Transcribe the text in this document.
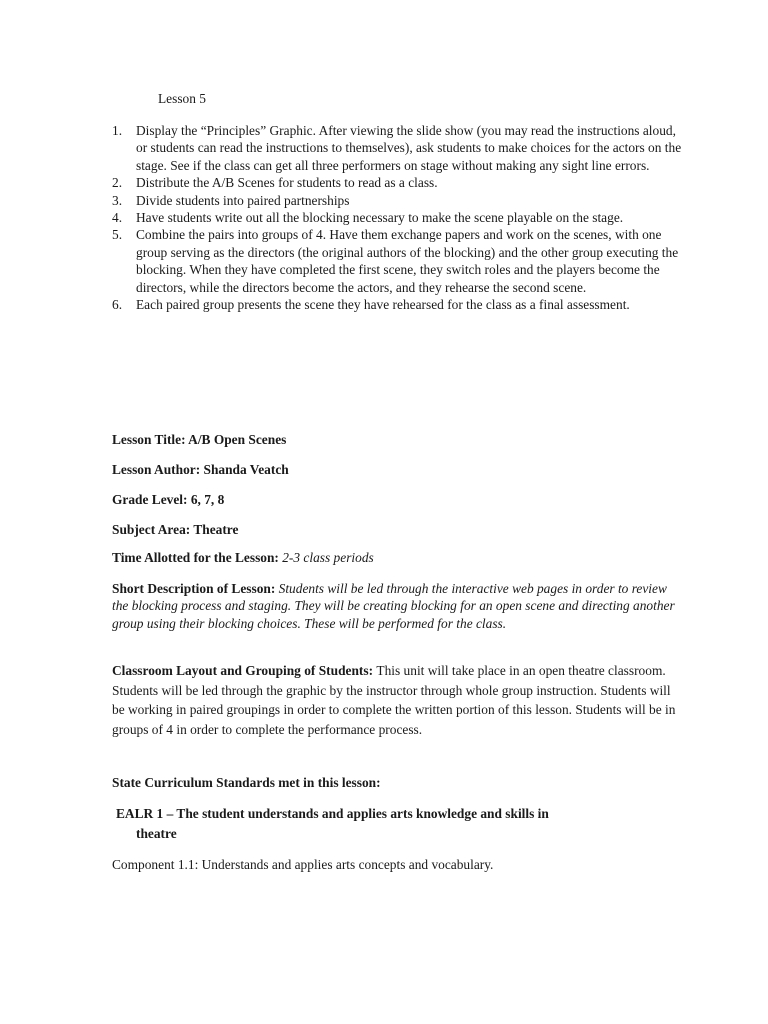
Lesson 5
1. Display the “Principles” Graphic. After viewing the slide show (you may read the instructions aloud, or students can read the instructions to themselves), ask students to make choices for the actors on the stage. See if the class can get all three performers on stage without making any sight line errors.
2. Distribute the A/B Scenes for students to read as a class.
3. Divide students into paired partnerships
4. Have students write out all the blocking necessary to make the scene playable on the stage.
5. Combine the pairs into groups of 4. Have them exchange papers and work on the scenes, with one group serving as the directors (the original authors of the blocking) and the other group executing the blocking. When they have completed the first scene, they switch roles and the players become the directors, while the directors become the actors, and they rehearse the second scene.
6. Each paired group presents the scene they have rehearsed for the class as a final assessment.
Lesson Title: A/B Open Scenes
Lesson Author: Shanda Veatch
Grade Level: 6, 7, 8
Subject Area: Theatre
Time Allotted for the Lesson: 2-3 class periods
Short Description of Lesson: Students will be led through the interactive web pages in order to review the blocking process and staging. They will be creating blocking for an open scene and directing another group using their blocking choices. These will be performed for the class.
Classroom Layout and Grouping of Students: This unit will take place in an open theatre classroom. Students will be led through the graphic by the instructor through whole group instruction. Students will be working in paired groupings in order to complete the written portion of this lesson. Students will be in groups of 4 in order to complete the performance process.
State Curriculum Standards met in this lesson:
EALR 1 – The student understands and applies arts knowledge and skills in
theatre
Component 1.1: Understands and applies arts concepts and vocabulary.
